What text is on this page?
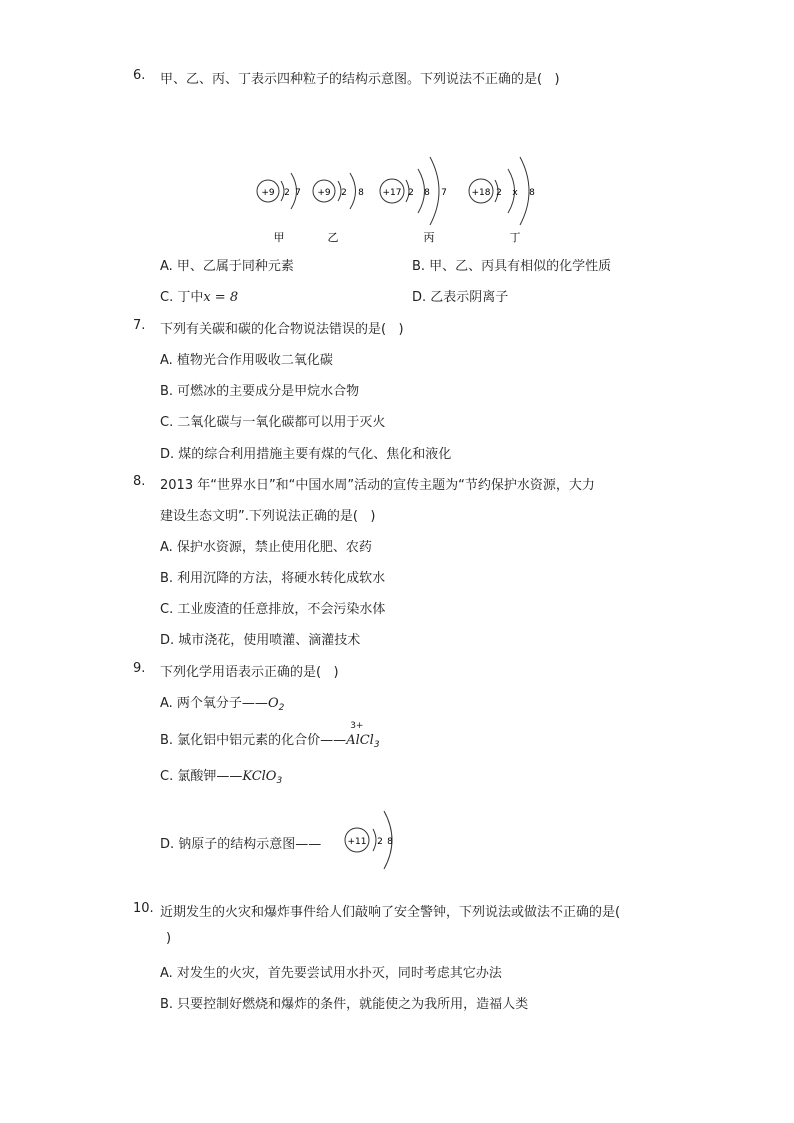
6. 甲、乙、丙、丁表示四种粒子的结构示意图。下列说法不正确的是(   )
+9 2 7
甲
+9 2 8
乙
+17 2 8 7
丙
+18 2 x 8
丁
A. 甲、乙属于同种元素	B. 甲、乙、丙具有相似的化学性质
C. 丁中x = 8	D. 乙表示阴离子
7. 下列有关碳和碳的化合物说法错误的是(   )
A. 植物光合作用吸收二氧化碳
B. 可燃冰的主要成分是甲烷水合物
C. 二氧化碳与一氧化碳都可以用于灭火
D. 煤的综合利用措施主要有煤的气化、焦化和液化
8. 2013 年“世界水日”和“中国水周”活动的宣传主题为“节约保护水资源，大力
建设生态文明”.下列说法正确的是(   )
A. 保护水资源，禁止使用化肥、农药
B. 利用沉降的方法，将硬水转化成软水
C. 工业废渣的任意排放，不会污染水体
D. 城市浇花，使用喷灌、滴灌技术
9. 下列化学用语表示正确的是(   )
A. 两个氧分子$——O_2$
B. 氯化铝中铝元素的化合价——
3+
AlCl$_3$
C. 氯酸钾——KClO$_3$
D. 钠原子的结构示意图——	+11 2 8
10. 近期发生的火灾和爆炸事件给人们敲响了安全警钟，下列说法或做法不正确的是(
)
A. 对发生的火灾，首先要尝试用水扑灭，同时考虑其它办法
B. 只要控制好燃烧和爆炸的条件，就能使之为我所用，造福人类
